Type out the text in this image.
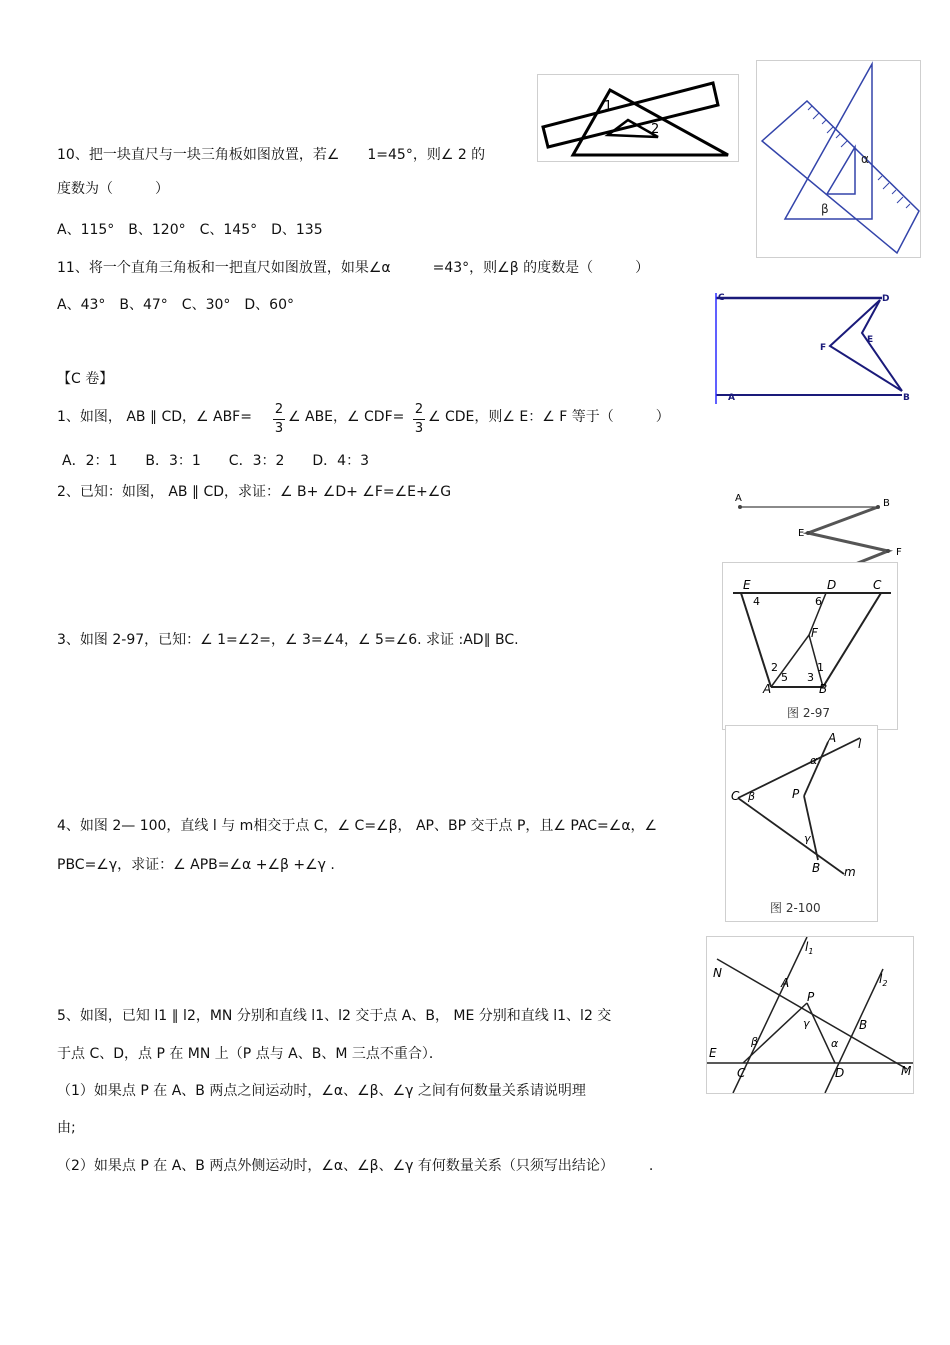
10、把一块直尺与一块三角板如图放置，若∠　　1=45°，则∠ 2 的
度数为（　　　）
A、115°　B、120°　C、145°　D、135
11、将一个直角三角板和一把直尺如图放置，如果∠α　　　=43°，则∠β 的度数是（　　　）
A、43°　B、47°　C、30°　D、60°
【C 卷】
1、如图， AB ∥ CD，∠ ABF= 2
3
∠ ABE，∠ CDF= 2
3
∠ CDE，则∠ E：∠ F 等于（　　　）
A．2：1　　B．3：1　　C．3：2　　D．4：3
2、已知：如图， AB ∥ CD，求证：∠ B+ ∠D+ ∠F=∠E+∠G
3、如图 2-97，已知：∠ 1=∠2=，∠ 3=∠4，∠ 5=∠6. 求证 :AD∥ BC.
4、如图 2— 100，直线 l 与 m相交于点 C，∠ C=∠β， AP、BP 交于点 P，且∠ PAC=∠α，∠
PBC=∠γ，求证：∠ APB=∠α +∠β +∠γ .
5、如图，已知 l1 ∥ l2，MN 分别和直线 l1、l2 交于点 A、B， ME 分别和直线 l1、l2 交
于点 C、D，点 P 在 MN 上（P 点与 A、B、M 三点不重合）．
（1）如果点 P 在 A、B 两点之间运动时，∠α、∠β、∠γ 之间有何数量关系请说明理
由;
（2）如果点 P 在 A、B 两点外侧运动时，∠α、∠β、∠γ 有何数量关系（只须写出结论）　　　.
1
2
α
β
C	D
E
F
A	B
A	B
E
F
E	D	C
F
A	B
4	6
2
5 3
1
图 2-97
A l
C	P
B m
α
β
γ
图 2-100
$l_1$
$l_2$
N
A
P
B
E
C	D	M
α
β
γ
